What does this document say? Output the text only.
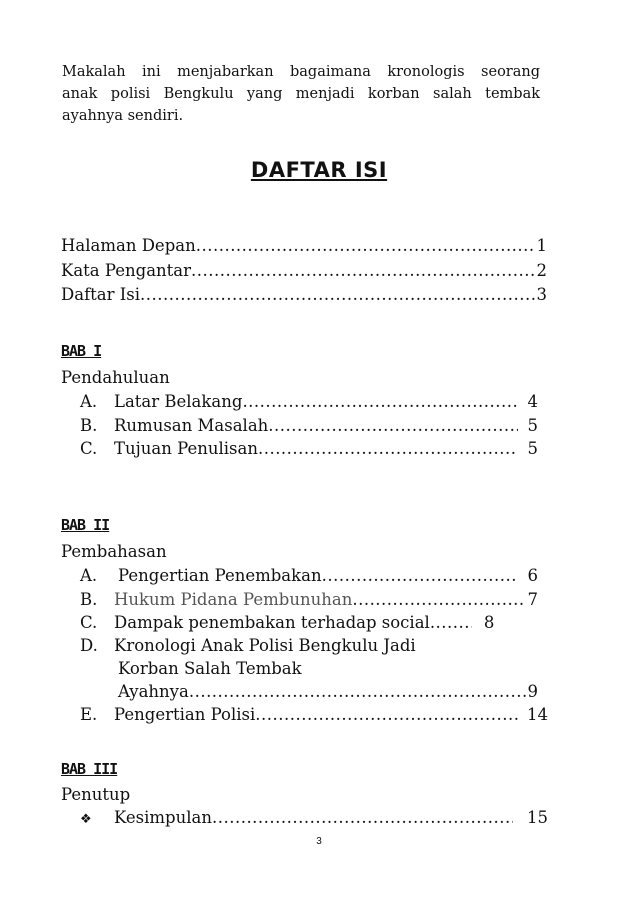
Makalah ini menjabarkan bagaimana kronologis seorang
anak polisi Bengkulu yang menjadi korban salah tembak
ayahnya sendiri.

DAFTAR ISI
Halaman Depan .....	1
Kata Pengantar .....	2
Daftar Isi .....	3
BAB I
Pendahuluan
A.	Latar Belakang .....	4
B.	Rumusan Masalah .....	5
C.	Tujuan Penulisan .....	5
BAB II
Pembahasan
A.	Pengertian Penembakan .....	6
B.	Hukum Pidana Pembunuhan .....	7
C.	Dampak penembakan terhadap social .....	8
D. Kronologi Anak Polisi Bengkulu Jadi
Korban Salah Tembak
Ayahnya .....	9
E.	Pengertian Polisi .....	14
BAB III
Penutup
❖	Kesimpulan .....	15
3
